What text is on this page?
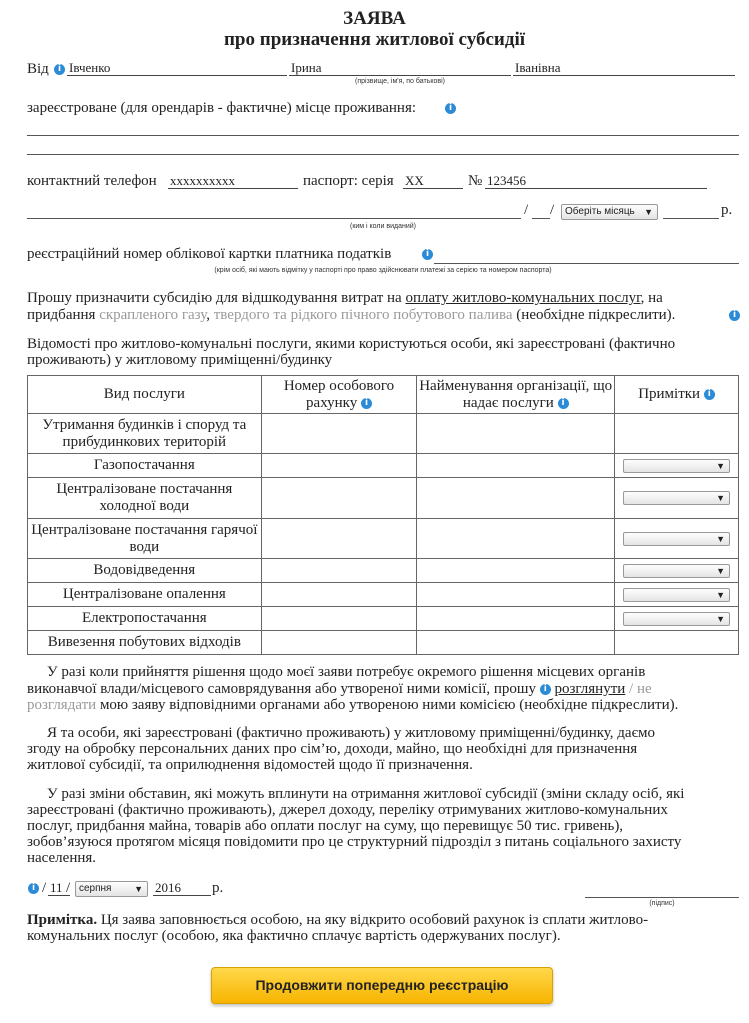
ЗАЯВА
про призначення житлової субсидії
Від	i Івченко	Ірина	Іванівна
(прізвище, ім'я, по батькові)
зареєстроване (для орендарів - фактичне) місце проживання:	i
контактний телефон xxxxxxxxxx	паспорт: серія XX	№ 123456
/ /	Оберіть місяць ▼	р.
(ким і коли виданий)
реєстраційний номер облікової картки платника податків	i
(крім осіб, які мають відмітку у паспорті про право здійснювати платежі за серією та номером паспорта)
Прошу призначити субсидію для відшкодування витрат на оплату житлово-комунальних послуг, на
придбання скрапленого газу, твердого та рідкого пічного побутового палива (необхідне підкреслити).	i
Відомості про житлово-комунальні послуги, якими користуються особи, які зареєстровані (фактично
проживають) у житловому приміщенні/будинку
Вид послуги	Номер особового рахунку i	Найменування організації, що надає послуги i	Примітки i
Утримання будинків і споруд та прибудинкових територій			
Газопостачання			▼

Централізоване постачання холодної води			▼

Централізоване постачання гарячої води			▼

Водовідведення			▼

Централізоване опалення			▼

Електропостачання			▼

Вивезення побутових відходів			
У разі коли прийняття рішення щодо моєї заяви потребує окремого рішення місцевих органів
виконавчої влади/місцевого самоврядування або утвореної ними комісії, прошу i розглянути / не
розглядати мою заяву відповідними органами або утвореною ними комісією (необхідне підкреслити).
Я та особи, які зареєстровані (фактично проживають) у житловому приміщенні/будинку, даємо
згоду на обробку персональних даних про сім’ю, доходи, майно, що необхідні для призначення
житлової субсидії, та оприлюднення відомостей щодо її призначення.
У разі зміни обставин, які можуть вплинути на отримання житлової субсидії (зміни складу осіб, які
зареєстровані (фактично проживають), джерел доходу, переліку отримуваних житлово-комунальних
послуг, придбання майна, товарів або оплати послуг на суму, що перевищує 50 тис. гривень),
зобов’язуюся протягом місяця повідомити про це структурний підрозділ з питань соціального захисту
населення.
i / 11 / серпня	▼ 2016	р.
(підпис)
Примітка. Ця заява заповнюється особою, на яку відкрито особовий рахунок із сплати житлово-
комунальних послуг (особою, яка фактично сплачує вартість одержуваних послуг).
Продовжити попередню реєстрацію
